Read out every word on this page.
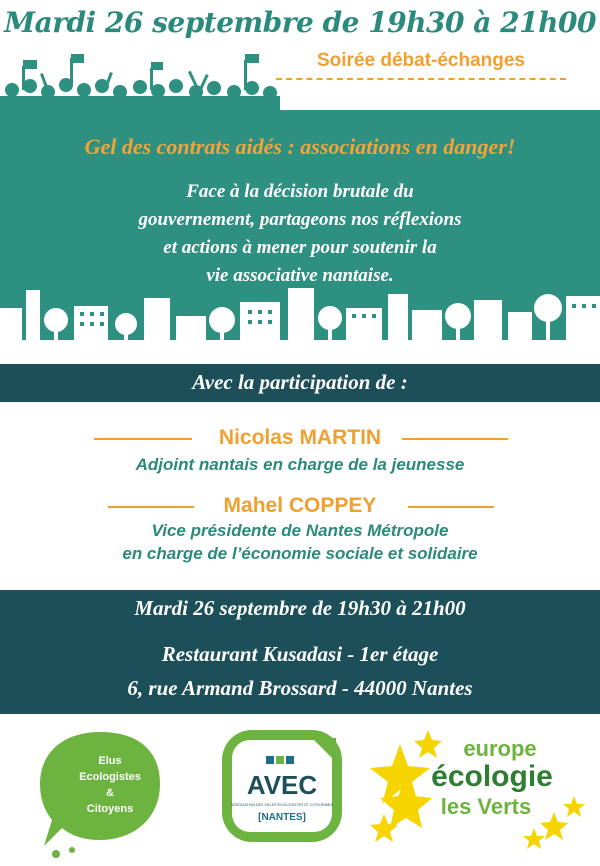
Mardi 26 septembre de 19h30 à 21h00
Soirée débat-échanges
Gel des contrats aidés : associations en danger!
Face à la décision brutale du
gouvernement, partageons nos réflexions
et actions à mener pour soutenir la
vie associative nantaise.
Avec la participation de :
Nicolas MARTIN
Adjoint nantais en charge de la jeunesse
Mahel COPPEY
Vice présidente de Nantes Métropole
en charge de l’économie sociale et solidaire
Mardi 26 septembre de 19h30 à 21h00
Restaurant Kusadasi - 1er étage
6, rue Armand Brossard - 44000 Nantes
Elus
Ecologistes
&
Citoyens
AVEC
ASSOCIATION DES VILLES ÉCOLOGISTES ET CITOYENNES
[NANTES]
europe
écologie
les Verts
